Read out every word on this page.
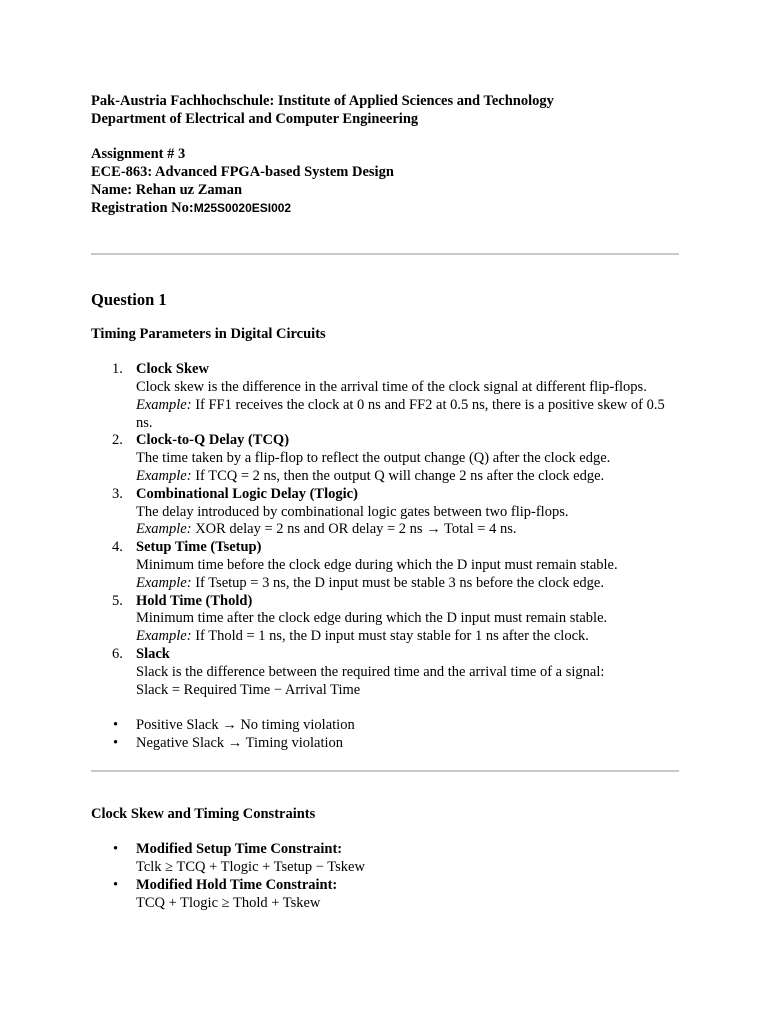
Pak-Austria Fachhochschule: Institute of Applied Sciences and Technology

Department of Electrical and Computer Engineering

Assignment # 3

ECE-863: Advanced FPGA-based System Design

Name: Rehan uz Zaman

Registration No:M25S0020ESI002

Question 1

Timing Parameters in Digital Circuits

1. Clock Skew

Clock skew is the difference in the arrival time of the clock signal at different flip-flops.

Example: If FF1 receives the clock at 0 ns and FF2 at 0.5 ns, there is a positive skew of 0.5 ns.

2. Clock-to-Q Delay (TCQ)

The time taken by a flip-flop to reflect the output change (Q) after the clock edge.

Example: If TCQ = 2 ns, then the output Q will change 2 ns after the clock edge.

3. Combinational Logic Delay (Tlogic)

The delay introduced by combinational logic gates between two flip-flops.

Example: XOR delay = 2 ns and OR delay = 2 ns → Total = 4 ns.

4. Setup Time (Tsetup)

Minimum time before the clock edge during which the D input must remain stable.

Example: If Tsetup = 3 ns, the D input must be stable 3 ns before the clock edge.

5. Hold Time (Thold)

Minimum time after the clock edge during which the D input must remain stable.

Example: If Thold = 1 ns, the D input must stay stable for 1 ns after the clock.

6. Slack

Slack is the difference between the required time and the arrival time of a signal:

Slack = Required Time − Arrival Time

• Positive Slack → No timing violation
• Negative Slack → Timing violation

Clock Skew and Timing Constraints

• Modified Setup Time Constraint:

Tclk ≥ TCQ + Tlogic + Tsetup − Tskew

• Modified Hold Time Constraint:

TCQ + Tlogic ≥ Thold + Tskew
